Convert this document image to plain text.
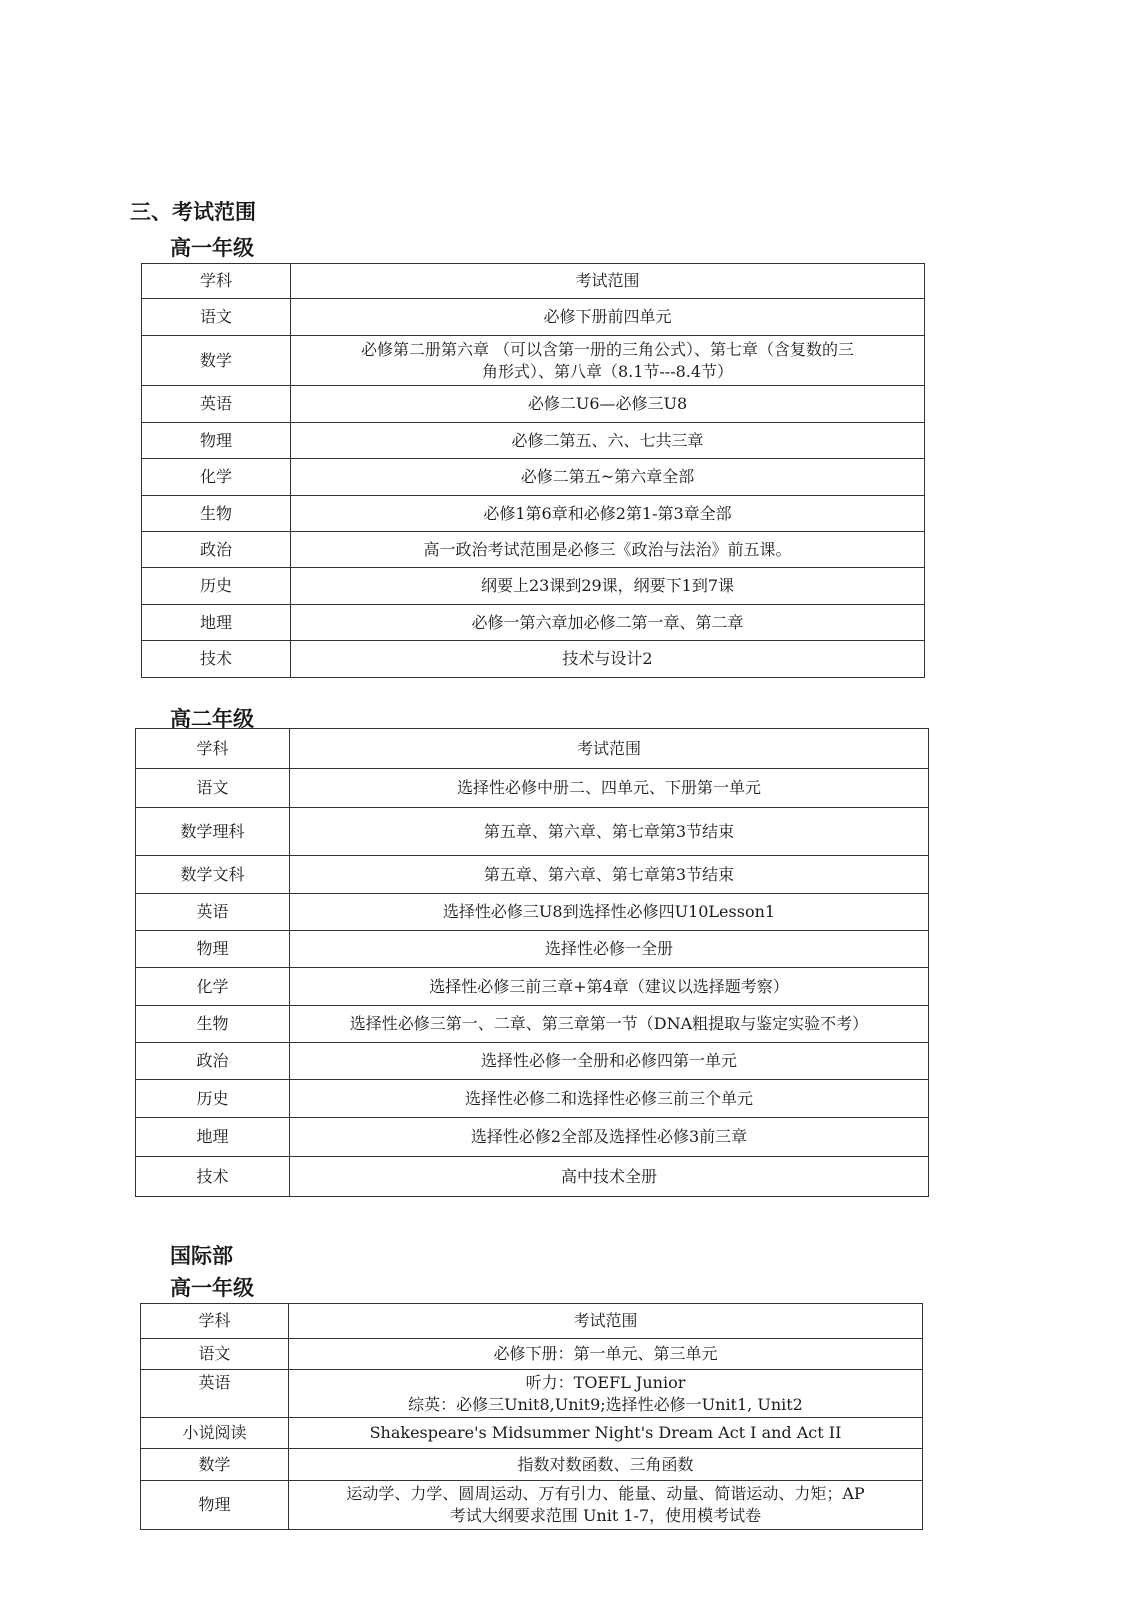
三、考试范围
高一年级
学科	考试范围
语文	必修下册前四单元
数学	必修第二册第六章 （可以含第一册的三角公式）、第七章（含复数的三
角形式）、第八章（8.1节---8.4节）

英语	必修二U6—必修三U8
物理	必修二第五、六、七共三章
化学	必修二第五~第六章全部
生物	必修1第6章和必修2第1-第3章全部
政治	高一政治考试范围是必修三《政治与法治》前五课。
历史	纲要上23课到29课，纲要下1到7课
地理	必修一第六章加必修二第一章、第二章
技术	技术与设计2
高二年级
学科	考试范围
语文	选择性必修中册二、四单元、下册第一单元
数学理科	第五章、第六章、第七章第3节结束
数学文科	第五章、第六章、第七章第3节结束
英语	选择性必修三U8到选择性必修四U10Lesson1
物理	选择性必修一全册
化学	选择性必修三前三章+第4章（建议以选择题考察）
生物	选择性必修三第一、二章、第三章第一节（DNA粗提取与鉴定实验不考）
政治	选择性必修一全册和必修四第一单元
历史	选择性必修二和选择性必修三前三个单元
地理	选择性必修2全部及选择性必修3前三章
技术	高中技术全册
国际部
高一年级
学科	考试范围
语文	必修下册：第一单元、第三单元
英语	听力：TOEFL Junior
综英：必修三Unit8,Unit9;选择性必修一Unit1, Unit2

小说阅读	Shakespeare's Midsummer Night's Dream Act I and Act II
数学	指数对数函数、三角函数
物理	运动学、力学、圆周运动、万有引力、能量、动量、简谐运动、力矩；AP
考试大纲要求范围 Unit 1-7，使用模考试卷
